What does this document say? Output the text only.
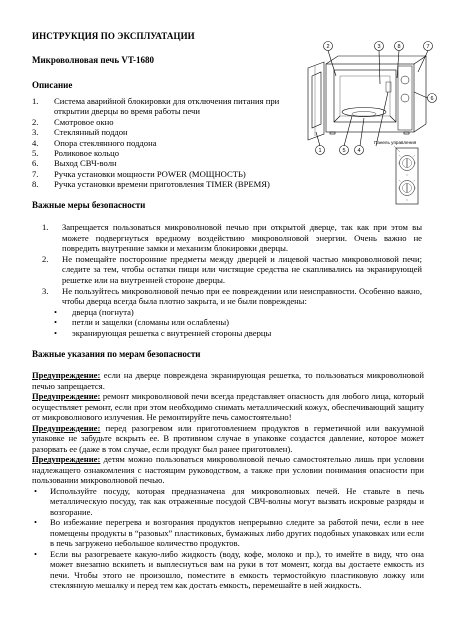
ИНСТРУКЦИЯ ПО ЭКСПЛУАТАЦИИ
Микроволновая печь VT-1680
Описание
1. Система аварийной блокировки для отключения питания при открытии дверцы во время работы печи
2. Смотровое окно
3. Стеклянный поддон
4. Опора стеклянного поддона
5. Роликовое кольцо
6. Выход СВЧ-волн
7. Ручка установки мощности POWER (МОЩНОСТЬ)
8. Ручка установки времени приготовления TIMER (ВРЕМЯ)
2	3	8	7
5 4
1
6
Панель управления
Важные меры безопасности
1. Запрещается пользоваться микроволновой печью при открытой дверце, так как при этом вы можете подвергнуться вредному воздействию микроволновой энергии. Очень важно не повредить внутренние замки и механизм блокировки дверцы.
2. Не помещайте посторонние предметы между дверцей и лицевой частью микроволновой печи; следите за тем, чтобы остатки пищи или чистящие средства не скапливались на экранирующей решетке или на внутренней стороне дверцы.
3. Не пользуйтесь микроволновой печью при ее повреждении или неисправности. Особенно важно, чтобы дверца всегда была плотно закрыта, и не были повреждены:
• дверца (погнута)
• петли и защелки (сломаны или ослаблены)
• экранирующая решетка с внутренней стороны дверцы
Важные указания по мерам безопасности

Предупреждение: если на дверце повреждена экранирующая решетка, то пользоваться микроволновой печью запрещается.

Предупреждение: ремонт микроволновой печи всегда представляет опасность для любого лица, который осуществляет ремонт, если при этом необходимо снимать металлический кожух, обеспечивающий защиту от микроволнового излучения. Не ремонтируйте печь самостоятельно!

Предупреждение: перед разогревом или приготовлением продуктов в герметичной или вакуумной упаковке не забудьте вскрыть ее. В противном случае в упаковке создастся давление, которое может разорвать ее (даже в том случае, если продукт был ранее приготовлен).

Предупреждение: детям можно пользоваться микроволновой печью самостоятельно лишь при условии надлежащего ознакомления с настоящим руководством, а также при условии понимания опасности при пользовании микроволновой печью.

• Используйте посуду, которая предназначена для микроволновых печей. Не ставьте в печь металлическую посуду, так как отраженные посудой СВЧ-волны могут вызвать искровые разряды и возгорание.
• Во избежание перегрева и возгорания продуктов непрерывно следите за работой печи, если в нее помещены продукты в “разовых” пластиковых, бумажных либо других подобных упаковках или если в печь загружено небольшое количество продуктов.
• Если вы разогреваете какую-либо жидкость (воду, кофе, молоко и пр.), то имейте в виду, что она может внезапно вскипеть и выплеснуться вам на руки в тот момент, когда вы достаете емкость из печи. Чтобы этого не произошло, поместите в емкость термостойкую пластиковую ложку или стеклянную мешалку и перед тем как достать емкость, перемешайте в ней жидкость.
